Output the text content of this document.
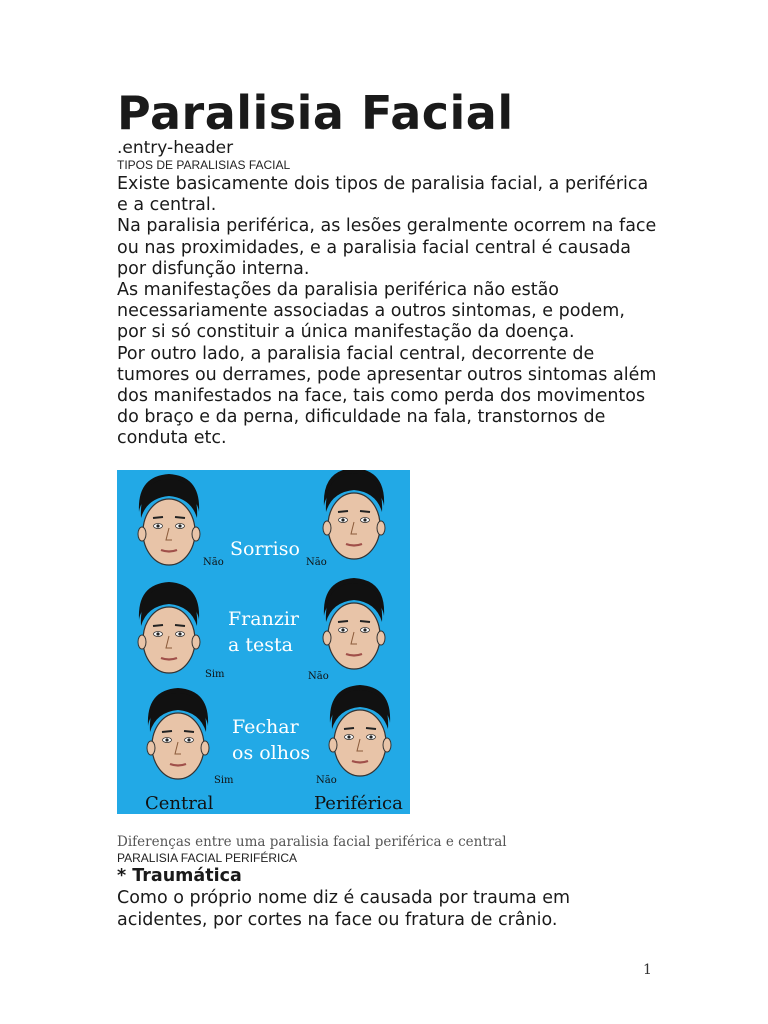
Paralisia Facial
.entry-header
TIPOS DE PARALISIAS FACIAL

Existe basicamente dois tipos de paralisia facial, a periférica e a central.

Na paralisia periférica, as lesões geralmente ocorrem na face ou nas proximidades, e a paralisia facial central é causada por disfunção interna.

As manifestações da paralisia periférica não estão necessariamente associadas a outros sintomas, e podem, por si só constituir a única manifestação da doença.

Por outro lado, a paralisia facial central, decorrente de tumores ou derrames, pode apresentar outros sintomas além dos manifestados na face, tais como perda dos movimentos do braço e da perna, dificuldade na fala, transtornos de conduta etc.

Sorriso
Franzir
a testa
Fechar
os olhos
Não	Não
Sim	Não
Sim	Não
Central	Periférica
Diferenças entre uma paralisia facial periférica e central
PARALISIA FACIAL PERIFÉRICA
* Traumática

Como o próprio nome diz é causada por trauma em acidentes, por cortes na face ou fratura de crânio.

1
